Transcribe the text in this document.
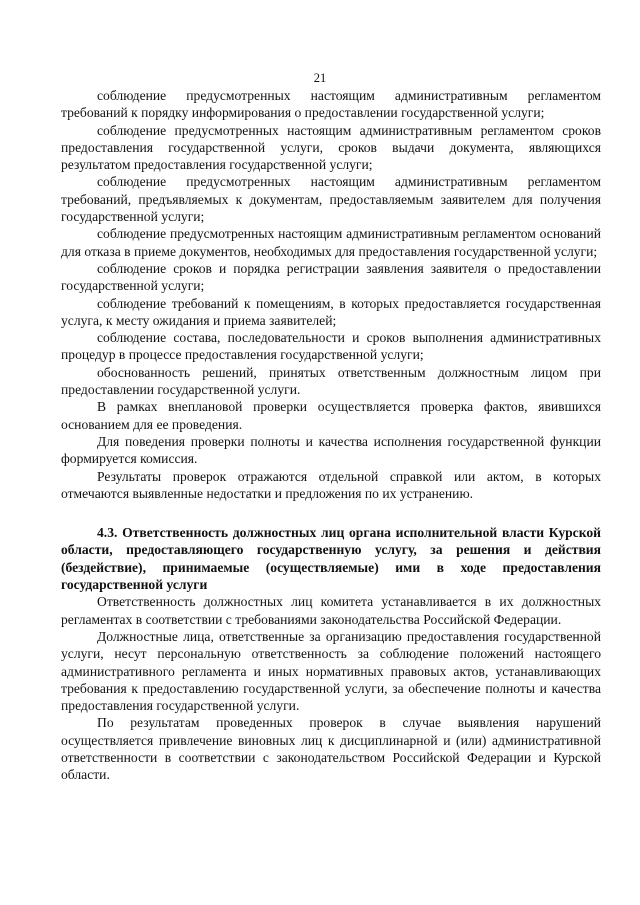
21

соблюдение предусмотренных настоящим административным регламентом требований к порядку информирования о предоставлении государственной услуги;

соблюдение предусмотренных настоящим административным регламентом сроков предоставления государственной услуги, сроков выдачи документа, являющихся результатом предоставления государственной услуги;

соблюдение предусмотренных настоящим административным регламентом требований, предъявляемых к документам, предоставляемым заявителем для получения государственной услуги;

соблюдение предусмотренных настоящим административным регламентом оснований для отказа в приеме документов, необходимых для предоставления государственной услуги;

соблюдение сроков и порядка регистрации заявления заявителя о предоставлении государственной услуги;

соблюдение требований к помещениям, в которых предоставляется государственная услуга, к месту ожидания и приема заявителей;

соблюдение состава, последовательности и сроков выполнения административных процедур в процессе предоставления государственной услуги;

обоснованность решений, принятых ответственным должностным лицом при предоставлении государственной услуги.

В рамках внеплановой проверки осуществляется проверка фактов, явившихся основанием для ее проведения.

Для поведения проверки полноты и качества исполнения государственной функции формируется комиссия.

Результаты проверок отражаются отдельной справкой или актом, в которых отмечаются выявленные недостатки и предложения по их устранению.

4.3. Ответственность должностных лиц органа исполнительной власти Курской области, предоставляющего государственную услугу, за решения и действия (бездействие), принимаемые (осуществляемые) ими в ходе предоставления государственной услуги

Ответственность должностных лиц комитета устанавливается в их должностных регламентах в соответствии с требованиями законодательства Российской Федерации.

Должностные лица, ответственные за организацию предоставления государственной услуги, несут персональную ответственность за соблюдение положений настоящего административного регламента и иных нормативных правовых актов, устанавливающих требования к предоставлению государственной услуги, за обеспечение полноты и качества предоставления государственной услуги.

По результатам проведенных проверок в случае выявления нарушений осуществляется привлечение виновных лиц к дисциплинарной и (или) административной ответственности в соответствии с законодательством Российской Федерации и Курской области.
